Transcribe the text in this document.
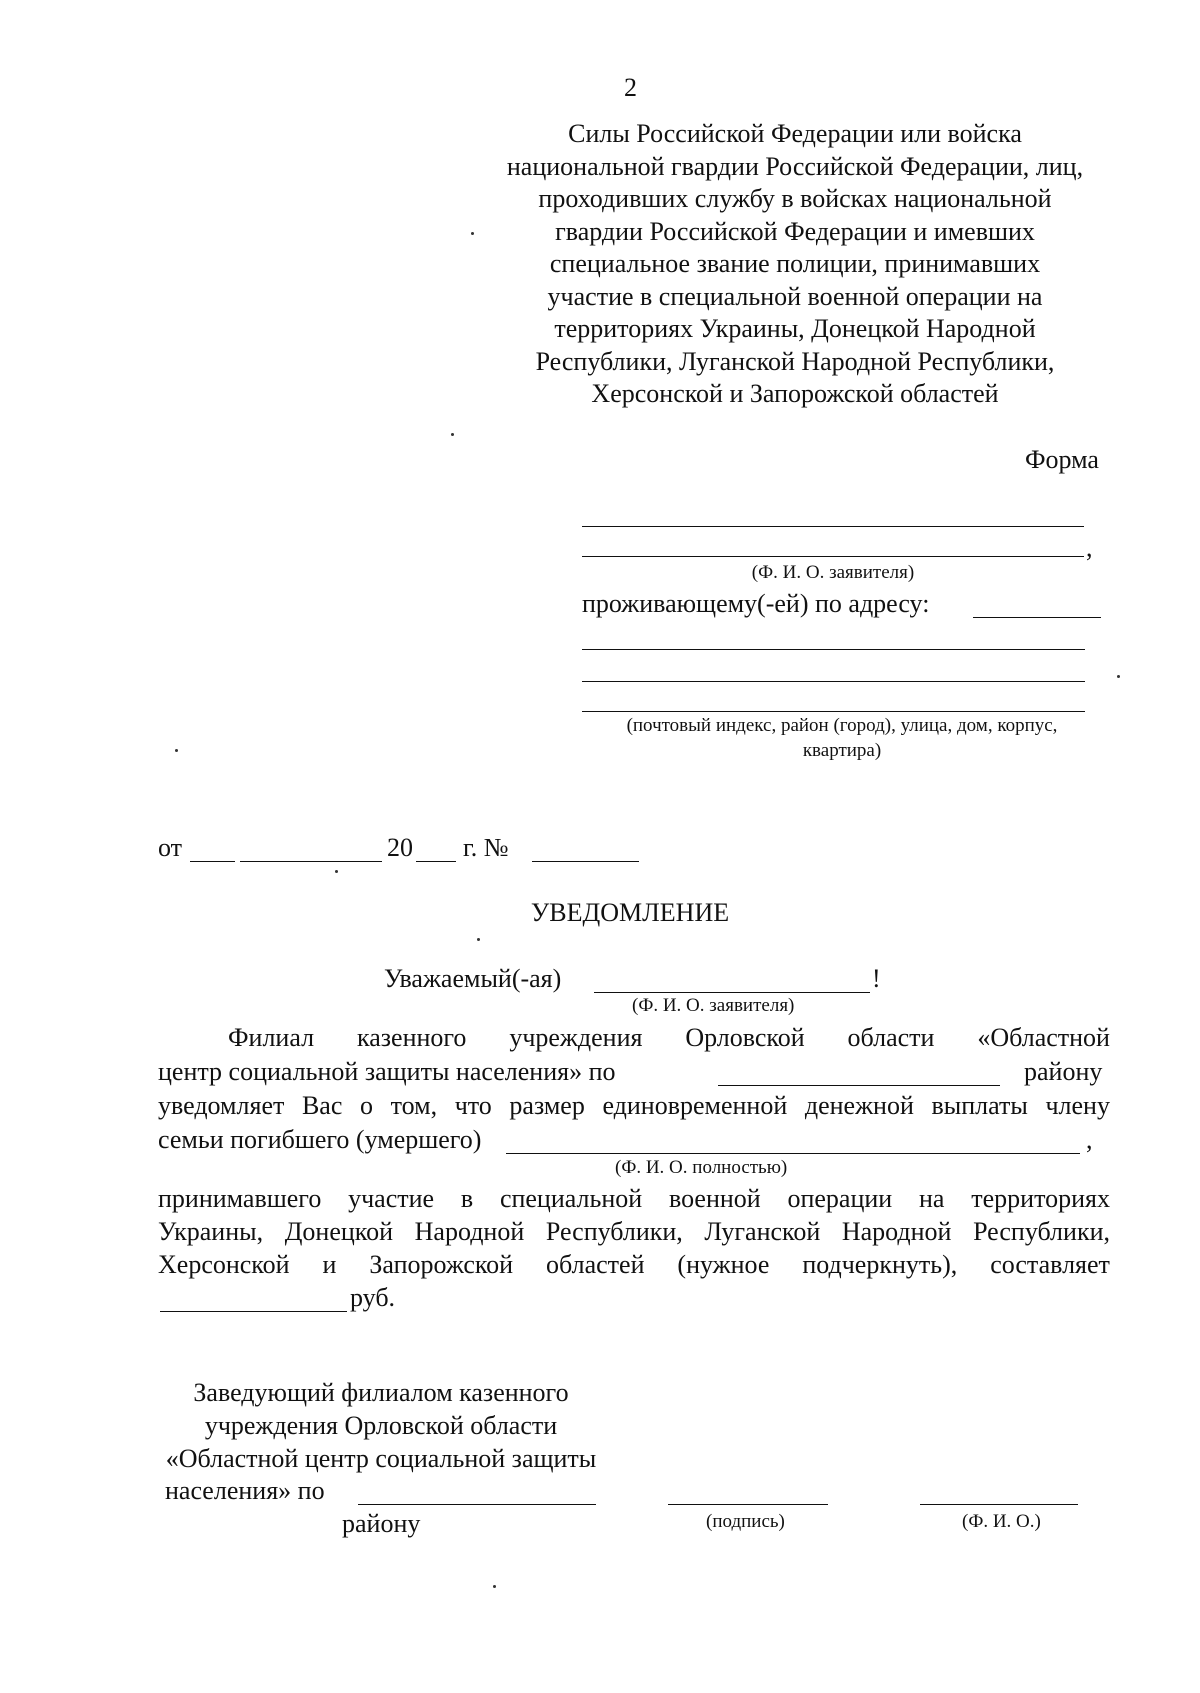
2
Силы Российской Федерации или войска
национальной гвардии Российской Федерации, лиц,
проходивших службу в войсках национальной
гвардии Российской Федерации и имевших
специальное звание полиции, принимавших
участие в специальной военной операции на
территориях Украины, Донецкой Народной
Республики, Луганской Народной Республики,
Херсонской и Запорожской областей
Форма
,
(Ф. И. О. заявителя)
проживающему(-ей) по адресу:
(почтовый индекс, район (город), улица, дом, корпус,
квартира)
от	20 г. №
УВЕДОМЛЕНИЕ
Уважаемый(-ая)	!
(Ф. И. О. заявителя)
Филиал казенного учреждения Орловской области «Областной
центр социальной защиты населения» по	району
уведомляет Вас о том, что размер единовременной денежной выплаты члену
семьи погибшего (умершего)	,
(Ф. И. О. полностью)
принимавшего участие в специальной военной операции на территориях
Украины, Донецкой Народной Республики, Луганской Народной Республики,
Херсонской и Запорожской областей (нужное подчеркнуть), составляет
руб.
Заведующий филиалом казенного
учреждения Орловской области
«Областной центр социальной защиты
населения» по
району	(подпись)	(Ф. И. О.)
